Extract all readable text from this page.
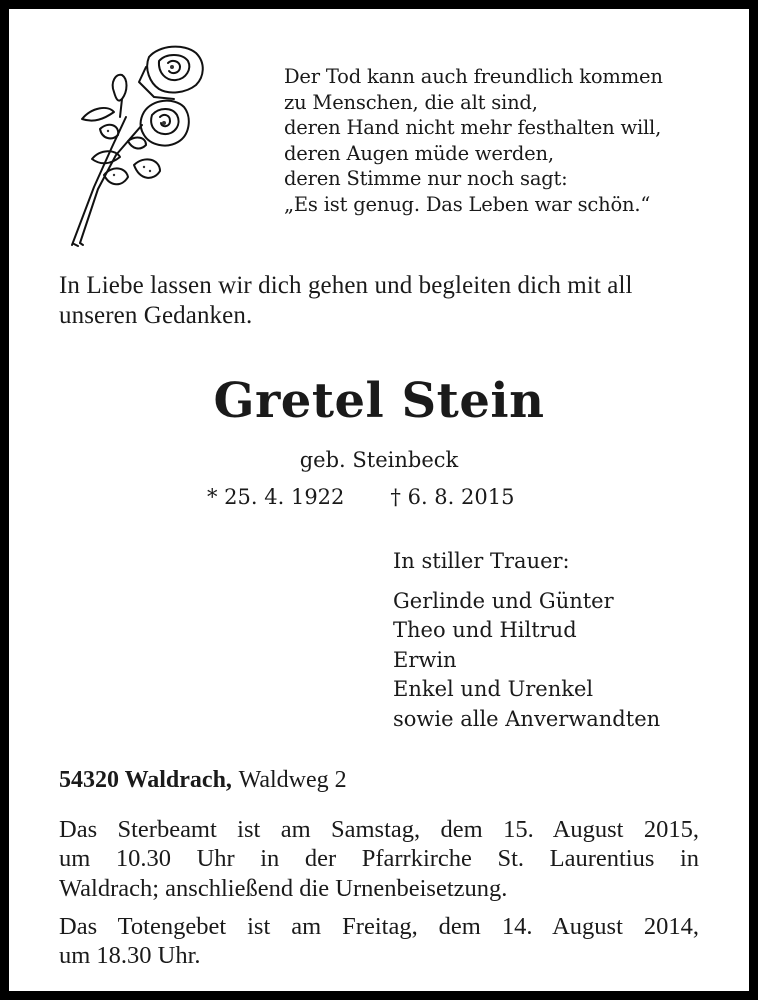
Der Tod kann auch freundlich kommen
zu Menschen, die alt sind,
deren Hand nicht mehr festhalten will,
deren Augen müde werden,
deren Stimme nur noch sagt:
„Es ist genug. Das Leben war schön.“
In Liebe lassen wir dich gehen und begleiten dich mit all unseren Gedanken.
Gretel Stein
geb. Steinbeck
* 25. 4. 1922 † 6. 8. 2015
In stiller Trauer:
Gerlinde und Günter
Theo und Hiltrud
Erwin
Enkel und Urenkel
sowie alle Anverwandten
54320 Waldrach, Waldweg 2
Das Sterbeamt ist am Samstag, dem 15. August 2015,
um 10.30 Uhr in der Pfarrkirche St. Laurentius in
Waldrach; anschließend die Urnenbeisetzung.
Das Totengebet ist am Freitag, dem 14. August 2014,
um 18.30 Uhr.
